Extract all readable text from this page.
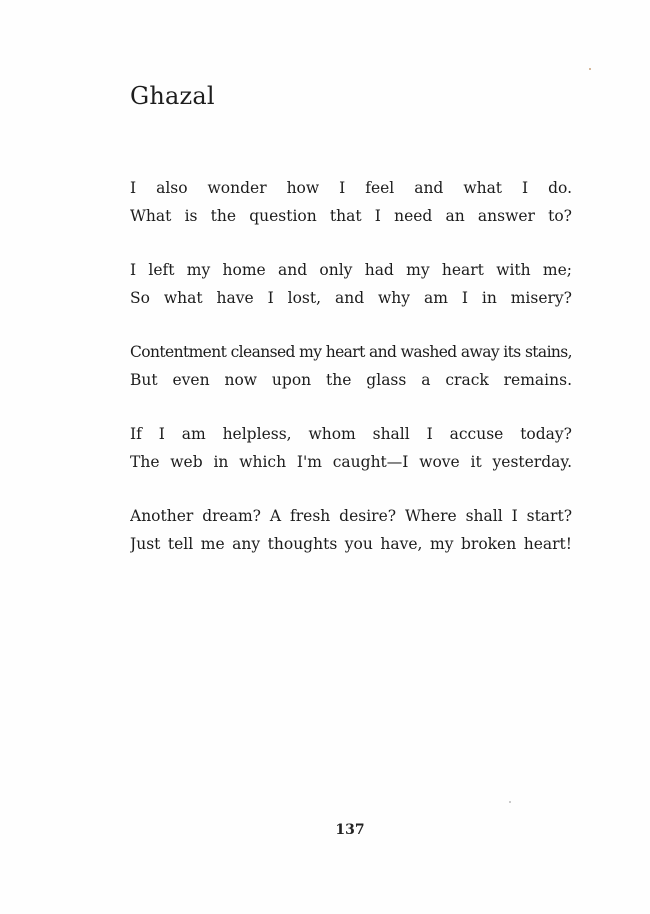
Ghazal
I also wonder how I feel and what I do.
What is the question that I need an answer to?
I left my home and only had my heart with me;
So what have I lost, and why am I in misery?
Contentment cleansed my heart and washed away its stains,
But even now upon the glass a crack remains.
If I am helpless, whom shall I accuse today?
The web in which I'm caught—I wove it yesterday.
Another dream? A fresh desire? Where shall I start?
Just tell me any thoughts you have, my broken heart!
137
